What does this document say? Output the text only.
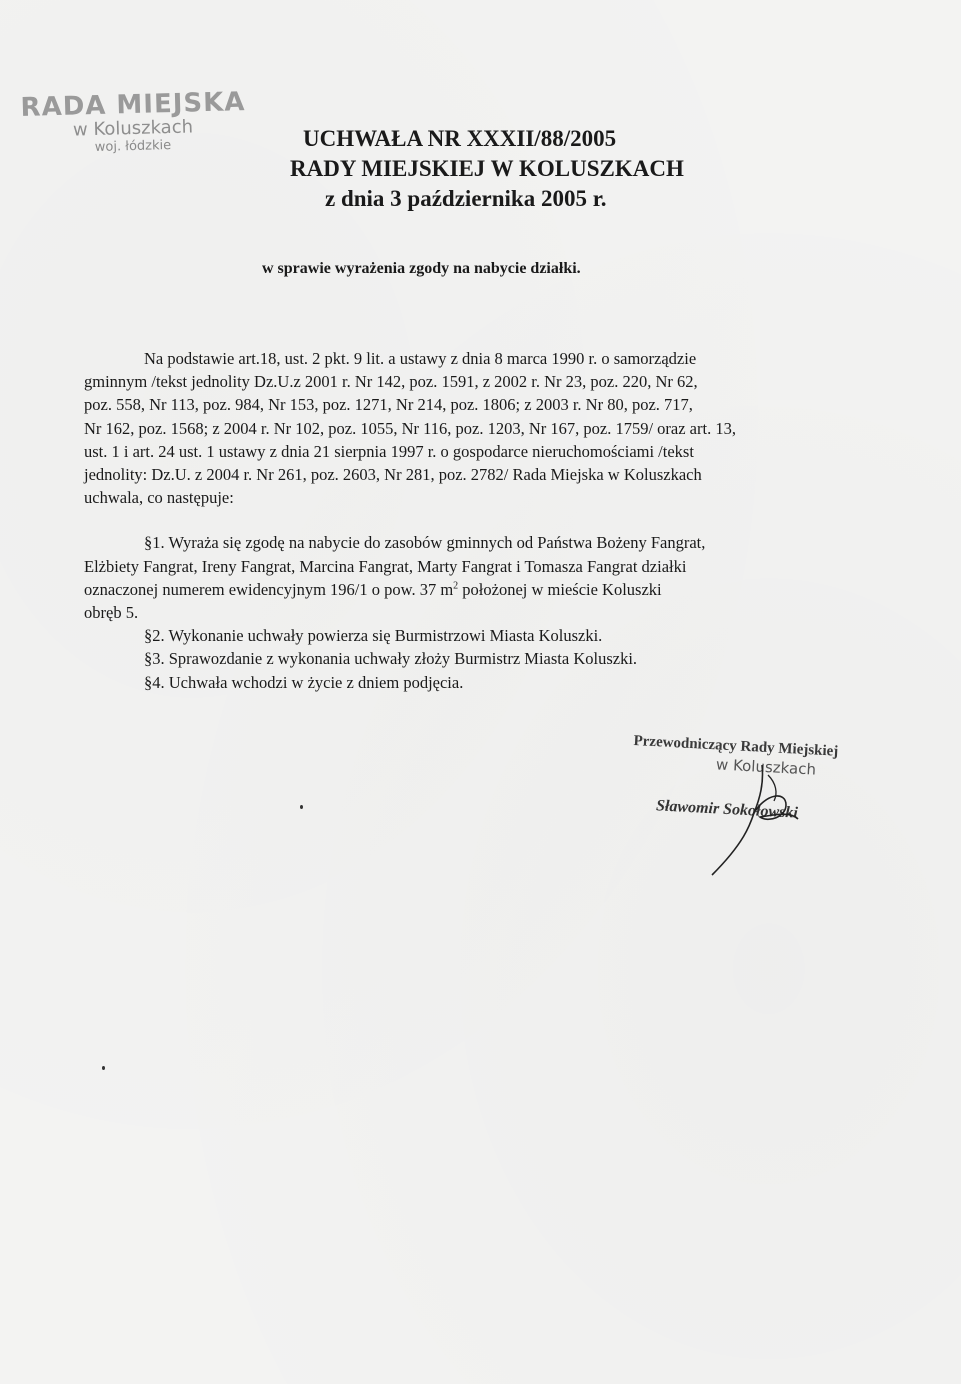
RADA MIEJSKA
w Koluszkach
woj. łódzkie	UCHWAŁA NR XXXII/88/2005
RADY MIEJSKIEJ W KOLUSZKACH
z dnia 3 października 2005 r.
w sprawie wyrażenia zgody na nabycie działki.

Na podstawie art.18, ust. 2 pkt. 9 lit. a ustawy z dnia 8 marca 1990 r. o samorządzie

gminnym /tekst jednolity Dz.U.z 2001 r. Nr 142, poz. 1591, z 2002 r. Nr 23, poz. 220, Nr 62,

poz. 558, Nr 113, poz. 984, Nr 153, poz. 1271, Nr 214, poz. 1806; z 2003 r. Nr 80, poz. 717,

Nr 162, poz. 1568; z 2004 r. Nr 102, poz. 1055, Nr 116, poz. 1203, Nr 167, poz. 1759/ oraz art. 13,

ust. 1 i art. 24 ust. 1 ustawy z dnia 21 sierpnia 1997 r. o gospodarce nieruchomościami /tekst

jednolity: Dz.U. z 2004 r. Nr 261, poz. 2603, Nr 281, poz. 2782/ Rada Miejska w Koluszkach

uchwala, co następuje:

§1. Wyraża się zgodę na nabycie do zasobów gminnych od Państwa Bożeny Fangrat,

Elżbiety Fangrat, Ireny Fangrat, Marcina Fangrat, Marty Fangrat i Tomasza Fangrat działki

oznaczonej numerem ewidencyjnym 196/1 o pow. 37 $m^2$ położonej w mieście Koluszki

obręb 5.

§2. Wykonanie uchwały powierza się Burmistrzowi Miasta Koluszki.

§3. Sprawozdanie z wykonania uchwały złoży Burmistrz Miasta Koluszki.

§4. Uchwała wchodzi w życie z dniem podjęcia.

Przewodniczący Rady Miejskiej
w Koluszkach
Sławomir Sokołowski
